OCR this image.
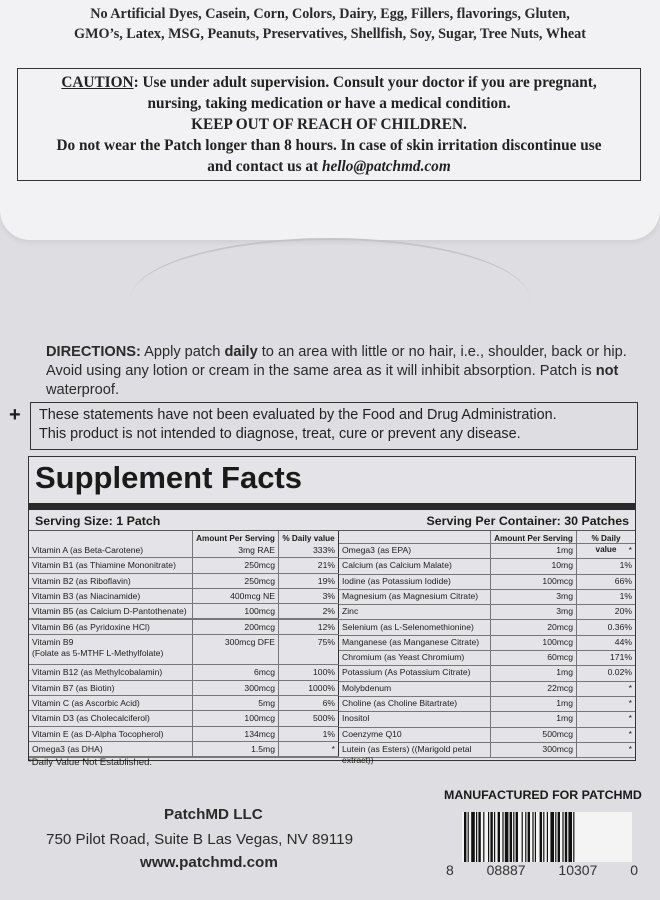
No Artificial Dyes, Casein, Corn, Colors, Dairy, Egg, Fillers, flavorings, Gluten,
GMO’s, Latex, MSG, Peanuts, Preservatives, Shellfish, Soy, Sugar, Tree Nuts, Wheat
CAUTION: Use under adult supervision. Consult your doctor if you are pregnant,
nursing, taking medication or have a medical condition.
KEEP OUT OF REACH OF CHILDREN.
Do not wear the Patch longer than 8 hours. In case of skin irritation discontinue use
and contact us at hello@patchmd.com
DIRECTIONS: Apply patch daily to an area with little or no hair, i.e., shoulder, back or hip. Avoid using any lotion or cream in the same area as it will inhibit absorption. Patch is not waterproof.
+ These statements have not been evaluated by the Food and Drug Administration.
This product is not intended to diagnose, treat, cure or prevent any disease.
Supplement Facts
Serving Size: 1 Patch	Serving Per Container: 30 Patches
Amount Per Serving % Daily value	Amount Per Serving	% Daily value
Omega3 (as EPA)	1mg	*
Calcium (as Calcium Malate)	10mg	1%
Iodine (as Potassium Iodide)	100mcg	66%
Magnesium (as Magnesium Citrate)	3mg	1%
Zinc	3mg	20%
Selenium (as L-Selenomethionine)	20mcg	0.36%
Manganese (as Manganese Citrate)	100mcg	44%
Chromium (as Yeast Chromium)	60mcg	171%
Potassium (As Potassium Citrate)	1mg	0.02%
Molybdenum	22mcg	*
Choline (as Choline Bitartrate)	1mg	*
Inositol	1mg	*
Coenzyme Q10	500mcg	*
Lutein (as Esters) ((Marigold petal extract))
300mcg	*
Vitamin A (as Beta-Carotene)	3mg RAE	333%
Vitamin B1 (as Thiamine Mononitrate)	250mcg	21%
Vitamin B2 (as Riboflavin)	250mcg	19%
Vitamin B3 (as Niacinamide)	400mcg NE	3%
Vitamin B5 (as Calcium D-Pantothenate)	100mcg	2%
Vitamin B6 (as Pyridoxine HCl)	200mcg	12%
Vitamin B9
(Folate as 5-MTHF L-Methylfolate)
300mcg DFE	75%
Vitamin B12 (as Methylcobalamin)	6mcg	100%
Vitamin B7 (as Biotin)	300mcg	1000%
Vitamin C (as Ascorbic Acid)	5mg	6%
Vitamin D3 (as Cholecalciferol)	100mcg	500%
Vitamin E (as D-Alpha Tocopherol)	134mcg	1%
Omega3 (as DHA)	1.5mg	*
*Daily Value Not Established.
PatchMD LLC
750 Pilot Road, Suite B Las Vegas, NV 89119
www.patchmd.com
MANUFACTURED FOR PATCHMD
8 08887 10307 0
